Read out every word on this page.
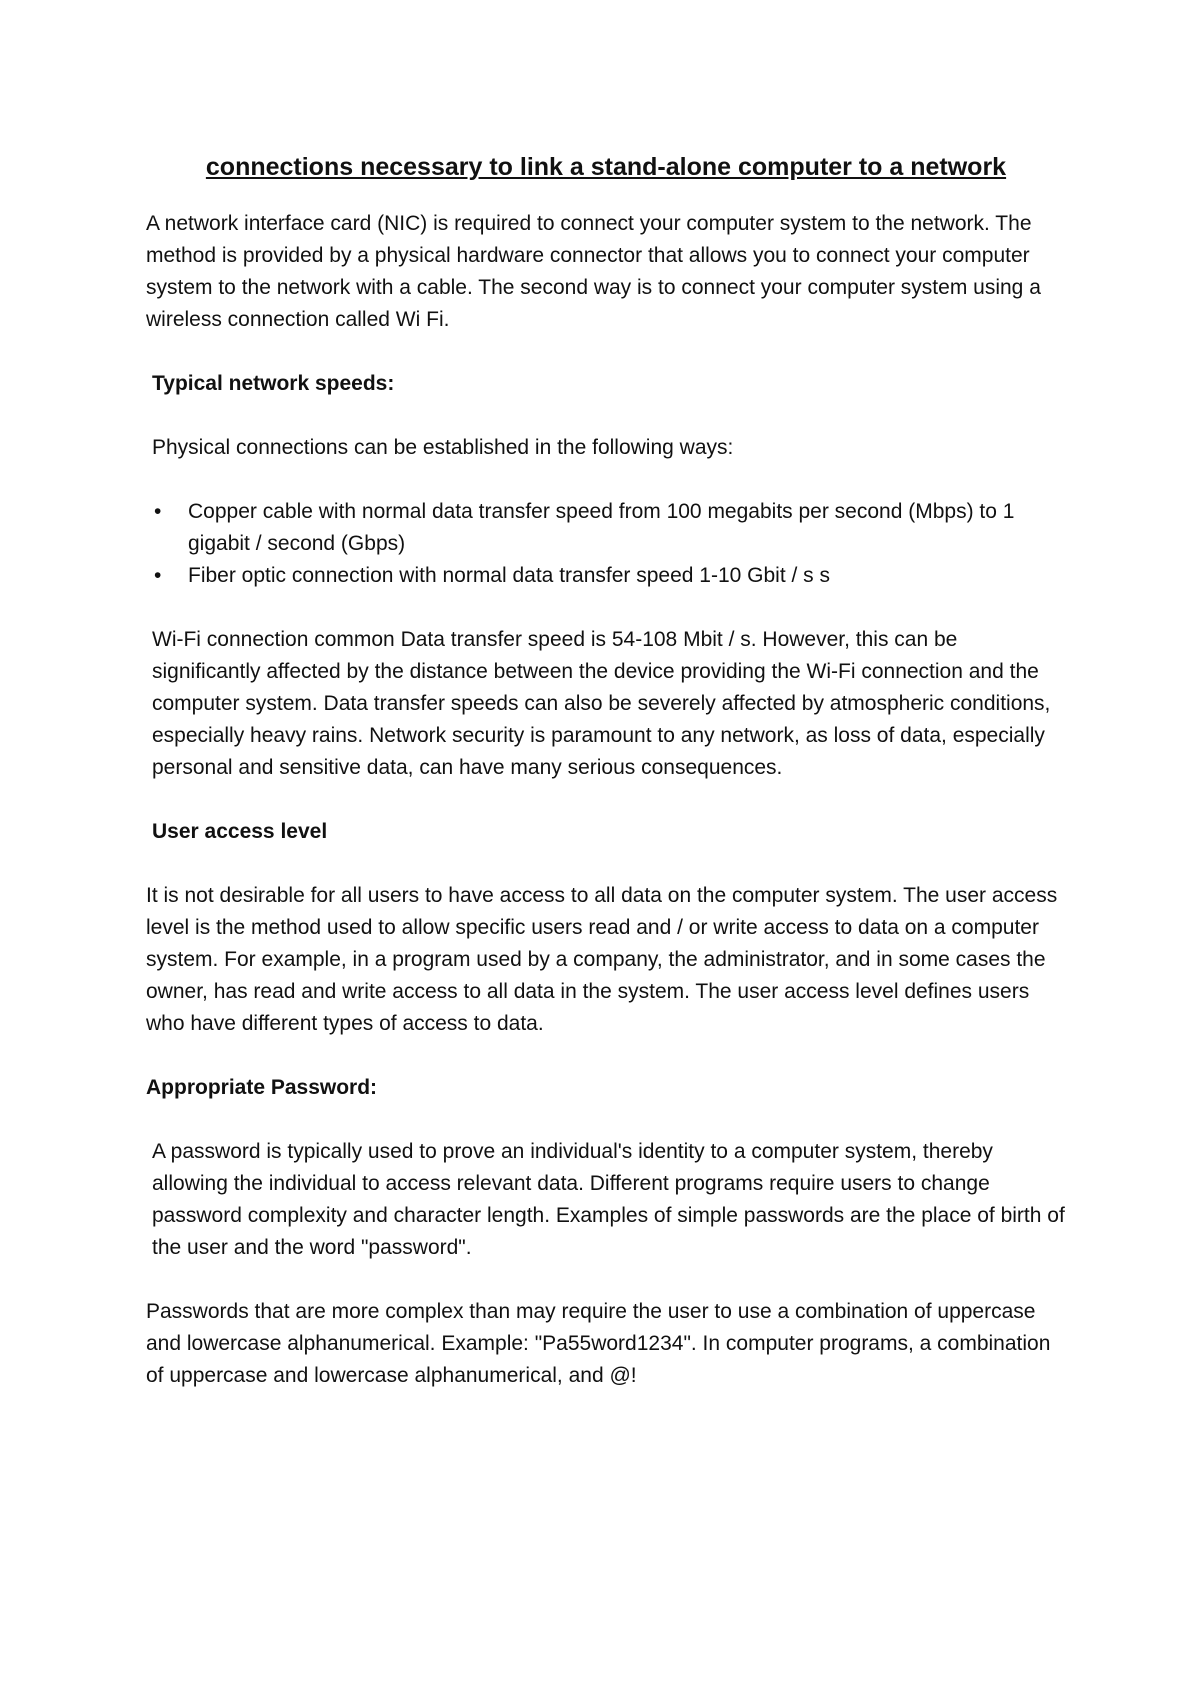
connections necessary to link a stand-alone computer to a network

A network interface card (NIC) is required to connect your computer system to the network. The method is provided by a physical hardware connector that allows you to connect your computer system to the network with a cable. The second way is to connect your computer system using a wireless connection called Wi Fi.

Typical network speeds:

Physical connections can be established in the following ways:

• Copper cable with normal data transfer speed from 100 megabits per second (Mbps) to 1 gigabit / second (Gbps)
• Fiber optic connection with normal data transfer speed 1-10 Gbit / s s

Wi-Fi connection common Data transfer speed is 54-108 Mbit / s. However, this can be significantly affected by the distance between the device providing the Wi-Fi connection and the computer system. Data transfer speeds can also be severely affected by atmospheric conditions, especially heavy rains. Network security is paramount to any network, as loss of data, especially personal and sensitive data, can have many serious consequences.

User access level

It is not desirable for all users to have access to all data on the computer system. The user access level is the method used to allow specific users read and / or write access to data on a computer system. For example, in a program used by a company, the administrator, and in some cases the owner, has read and write access to all data in the system. The user access level defines users who have different types of access to data.

Appropriate Password:

A password is typically used to prove an individual's identity to a computer system, thereby allowing the individual to access relevant data. Different programs require users to change password complexity and character length. Examples of simple passwords are the place of birth of the user and the word "password".

Passwords that are more complex than may require the user to use a combination of uppercase and lowercase alphanumerical. Example: "Pa55word1234". In computer programs, a combination of uppercase and lowercase alphanumerical, and @!
